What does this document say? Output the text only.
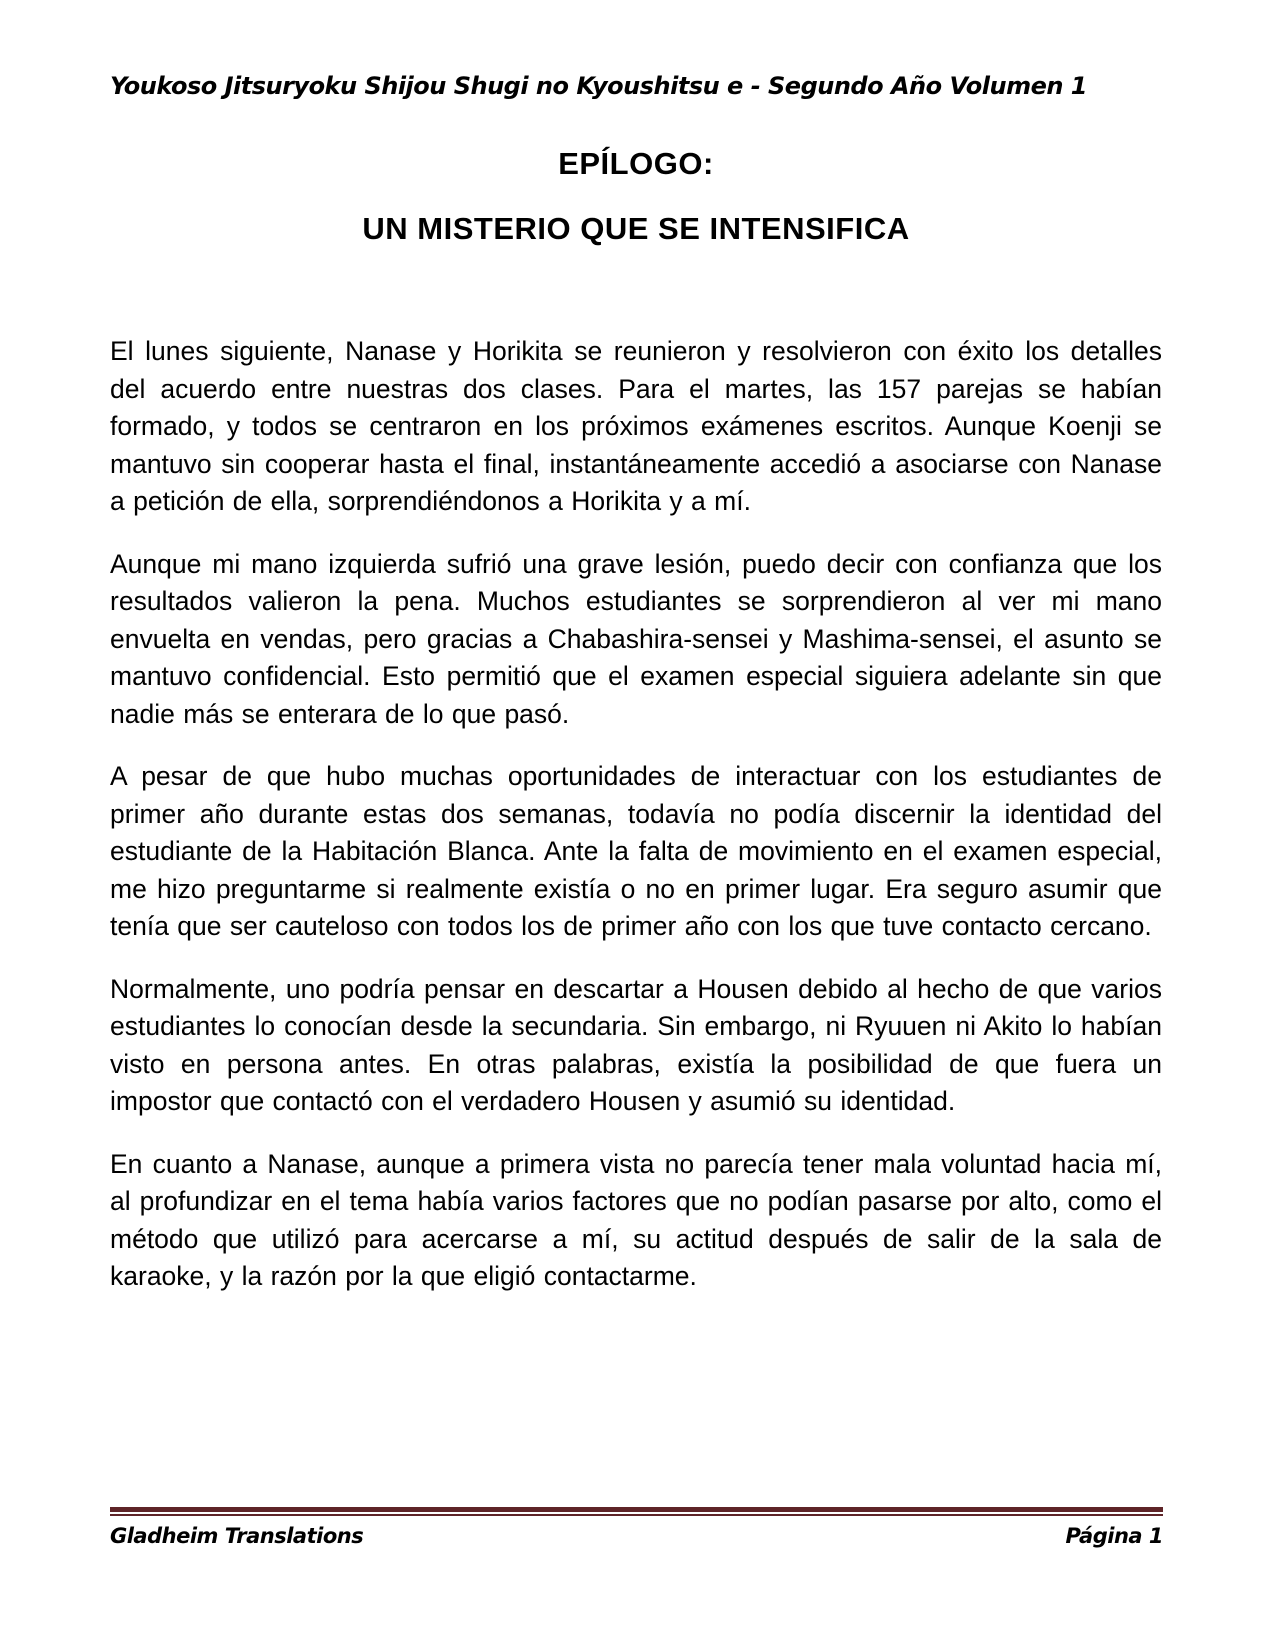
Youkoso Jitsuryoku Shijou Shugi no Kyoushitsu e - Segundo Año Volumen 1
EPÍLOGO:
UN MISTERIO QUE SE INTENSIFICA

El lunes siguiente, Nanase y Horikita se reunieron y resolvieron con éxito los detalles del acuerdo entre nuestras dos clases. Para el martes, las 157 parejas se habían formado, y todos se centraron en los próximos exámenes escritos. Aunque Koenji se mantuvo sin cooperar hasta el final, instantáneamente accedió a asociarse con Nanase a petición de ella, sorprendiéndonos a Horikita y a mí.

Aunque mi mano izquierda sufrió una grave lesión, puedo decir con confianza que los resultados valieron la pena. Muchos estudiantes se sorprendieron al ver mi mano envuelta en vendas, pero gracias a Chabashira-sensei y Mashima-sensei, el asunto se mantuvo confidencial. Esto permitió que el examen especial siguiera adelante sin que nadie más se enterara de lo que pasó.

A pesar de que hubo muchas oportunidades de interactuar con los estudiantes de primer año durante estas dos semanas, todavía no podía discernir la identidad del estudiante de la Habitación Blanca. Ante la falta de movimiento en el examen especial, me hizo preguntarme si realmente existía o no en primer lugar. Era seguro asumir que tenía que ser cauteloso con todos los de primer año con los que tuve contacto cercano.

Normalmente, uno podría pensar en descartar a Housen debido al hecho de que varios estudiantes lo conocían desde la secundaria. Sin embargo, ni Ryuuen ni Akito lo habían visto en persona antes. En otras palabras, existía la posibilidad de que fuera un impostor que contactó con el verdadero Housen y asumió su identidad.

En cuanto a Nanase, aunque a primera vista no parecía tener mala voluntad hacia mí, al profundizar en el tema había varios factores que no podían pasarse por alto, como el método que utilizó para acercarse a mí, su actitud después de salir de la sala de karaoke, y la razón por la que eligió contactarme.

Gladheim Translations	Página 1
